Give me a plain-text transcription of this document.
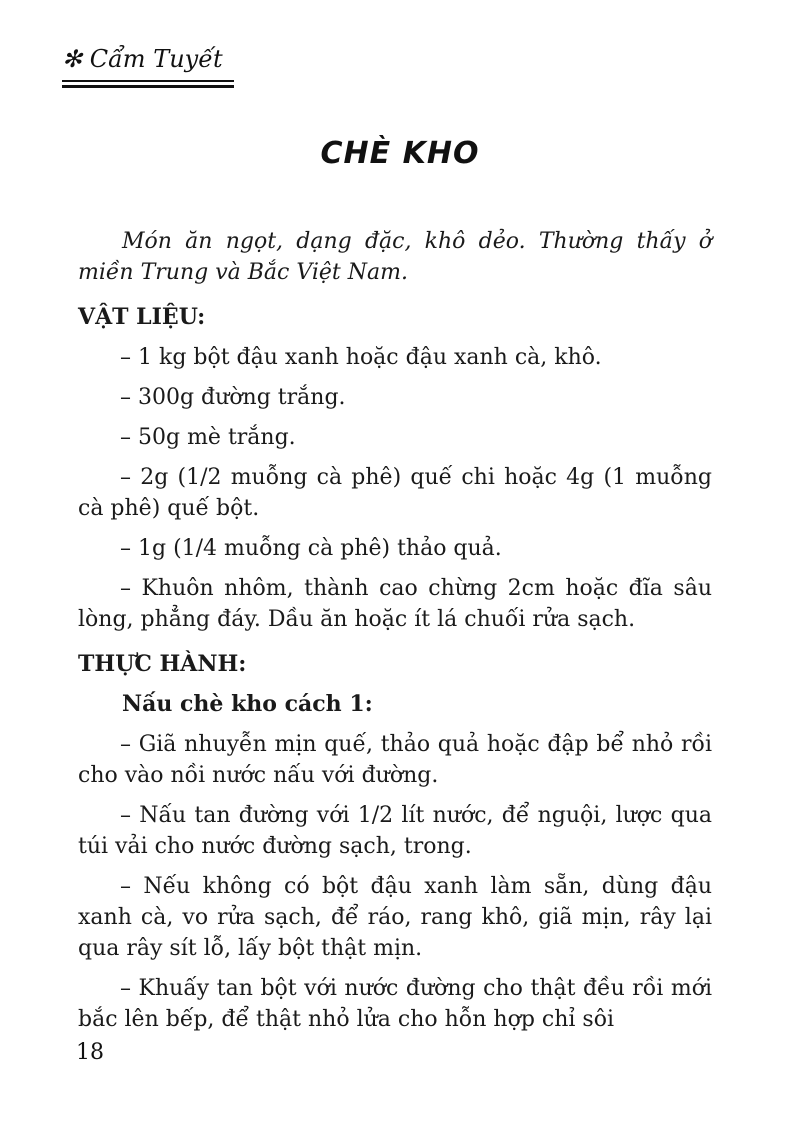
✻ Cẩm Tuyết
CHÈ KHO

Món ăn ngọt, dạng đặc, khô dẻo. Thường thấy ở miền Trung và Bắc Việt Nam.

VẬT LIỆU:

– 1 kg bột đậu xanh hoặc đậu xanh cà, khô.

– 300g đường trắng.

– 50g mè trắng.

– 2g (1/2 muỗng cà phê) quế chi hoặc 4g (1 muỗng cà phê) quế bột.

– 1g (1/4 muỗng cà phê) thảo quả.

– Khuôn nhôm, thành cao chừng 2cm hoặc đĩa sâu lòng, phẳng đáy. Dầu ăn hoặc ít lá chuối rửa sạch.

THỰC HÀNH:

Nấu chè kho cách 1:

– Giã nhuyễn mịn quế, thảo quả hoặc đập bể nhỏ rồi cho vào nồi nước nấu với đường.

– Nấu tan đường với 1/2 lít nước, để nguội, lược qua túi vải cho nước đường sạch, trong.

– Nếu không có bột đậu xanh làm sẵn, dùng đậu xanh cà, vo rửa sạch, để ráo, rang khô, giã mịn, rây lại qua rây sít lỗ, lấy bột thật mịn.

– Khuấy tan bột với nước đường cho thật đều rồi mới bắc lên bếp, để thật nhỏ lửa cho hỗn hợp chỉ sôi

18
